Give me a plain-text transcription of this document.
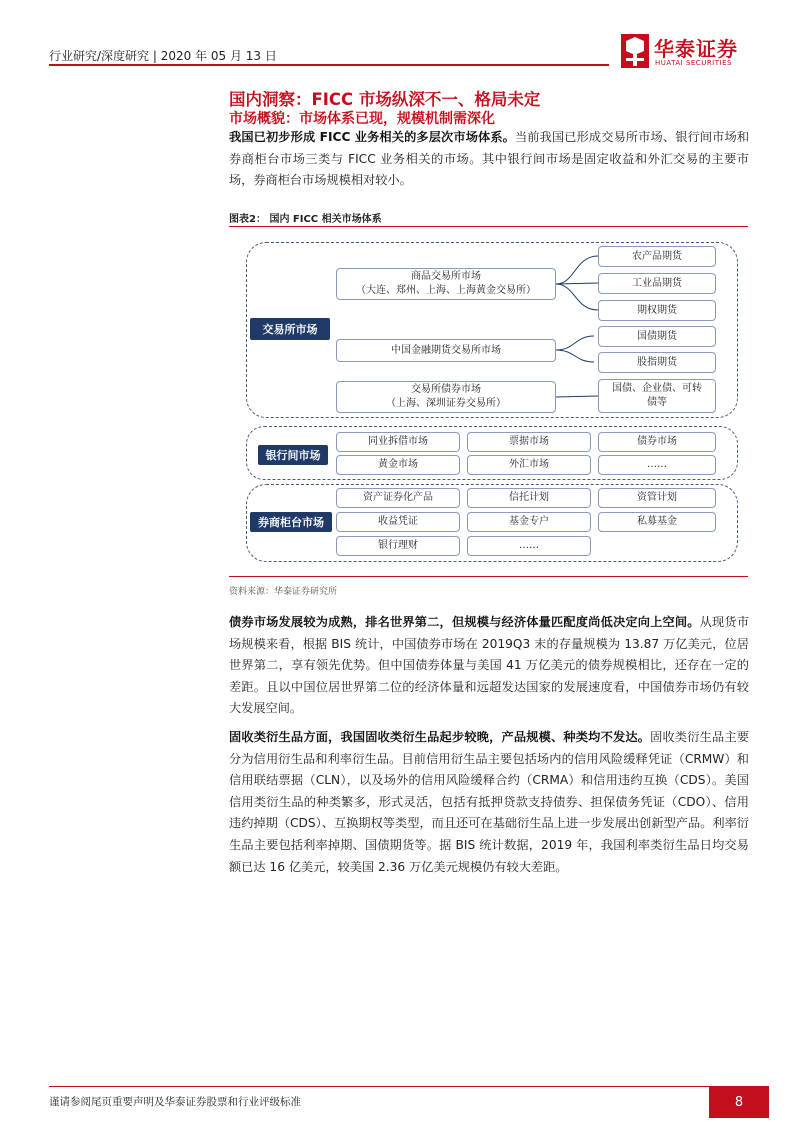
行业研究/深度研究 | 2020 年 05 月 13 日	华泰证券
HUATAI SECURITIES
国内洞察：FICC 市场纵深不一、格局未定
市场概貌：市场体系已现，规模机制需深化
我国已初步形成 FICC 业务相关的多层次市场体系。当前我国已形成交易所市场、银行间市场和券商柜台市场三类与 FICC 业务相关的市场。其中银行间市场是固定收益和外汇交易的主要市场，券商柜台市场规模相对较小。
图表2： 国内 FICC 相关市场体系
交易所市场
商品交易所市场
（大连、郑州、上海、上海黄金交易所）
农产品期货
工业品期货
期权期货
中国金融期货交易所市场
国债期货
股指期货
交易所债券市场
（上海、深圳证券交易所）
国债、企业债、可转
债等
银行间市场
同业拆借市场	票据市场	债券市场
黄金市场	外汇市场	……
券商柜台市场
资产证券化产品	信托计划	资管计划
收益凭证	基金专户	私募基金
银行理财	……
资料来源：华泰证券研究所
债券市场发展较为成熟，排名世界第二，但规模与经济体量匹配度尚低决定向上空间。从现货市场规模来看，根据 BIS 统计，中国债券市场在 2019Q3 末的存量规模为 13.87 万亿美元，位居世界第二，享有领先优势。但中国债券体量与美国 41 万亿美元的债券规模相比，还存在一定的差距。且以中国位居世界第二位的经济体量和远超发达国家的发展速度看，中国债券市场仍有较大发展空间。
固收类衍生品方面，我国固收类衍生品起步较晚，产品规模、种类均不发达。固收类衍生品主要分为信用衍生品和利率衍生品。目前信用衍生品主要包括场内的信用风险缓释凭证（CRMW）和信用联结票据（CLN），以及场外的信用风险缓释合约（CRMA）和信用违约互换（CDS）。美国信用类衍生品的种类繁多，形式灵活，包括有抵押贷款支持债券、担保债务凭证（CDO）、信用违约掉期（CDS）、互换期权等类型，而且还可在基础衍生品上进一步发展出创新型产品。利率衍生品主要包括利率掉期、国债期货等。据 BIS 统计数据，2019 年，我国利率类衍生品日均交易额已达 16 亿美元，较美国 2.36 万亿美元规模仍有较大差距。
谨请参阅尾页重要声明及华泰证券股票和行业评级标准	8
